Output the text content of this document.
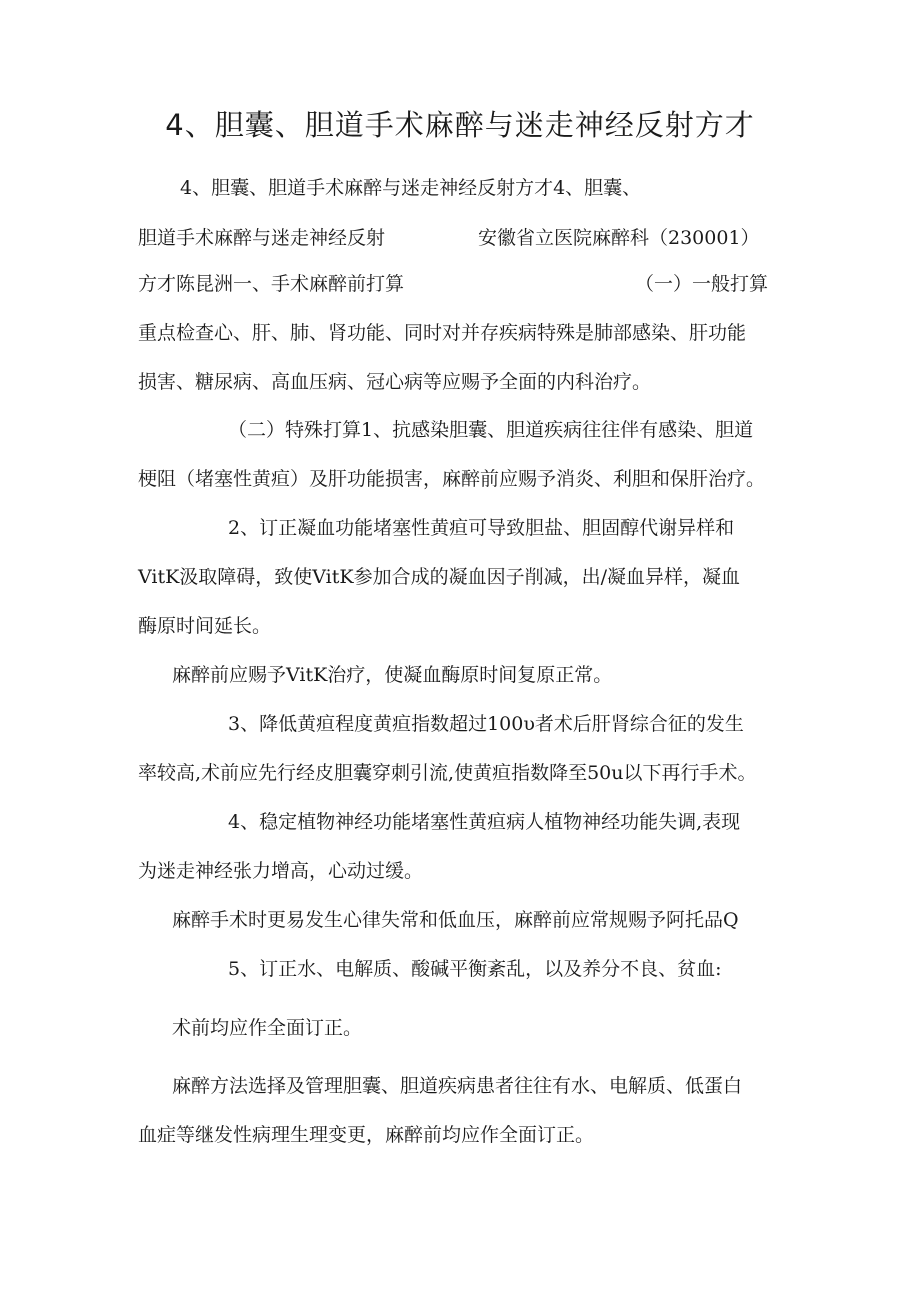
4、胆囊、胆道手术麻醉与迷走神经反射方才

4、胆囊、胆道手术麻醉与迷走神经反射方才4、胆囊、

胆道手术麻醉与迷走神经反射	安徽省立医院麻醉科（230001）

方才陈昆洲一、手术麻醉前打算	（一）一般打算

重点检查心、肝、肺、肾功能、同时对并存疾病特殊是肺部感染、肝功能

损害、糖尿病、高血压病、冠心病等应赐予全面的内科治疗。

（二）特殊打算1、抗感染胆囊、胆道疾病往往伴有感染、胆道

梗阻（堵塞性黄疸）及肝功能损害，麻醉前应赐予消炎、利胆和保肝治疗。

2、订正凝血功能堵塞性黄疸可导致胆盐、胆固醇代谢异样和

VitK汲取障碍，致使VitK参加合成的凝血因子削减，出/凝血异样，凝血

酶原时间延长。

麻醉前应赐予VitK治疗，使凝血酶原时间复原正常。

3、降低黄疸程度黄疸指数超过100υ者术后肝肾综合征的发生

率较高,术前应先行经皮胆囊穿刺引流,使黄疸指数降至50u以下再行手术。

4、稳定植物神经功能堵塞性黄疸病人植物神经功能失调,表现

为迷走神经张力增高，心动过缓。

麻醉手术时更易发生心律失常和低血压，麻醉前应常规赐予阿托品Q

5、订正水、电解质、酸碱平衡紊乱，以及养分不良、贫血:

术前均应作全面订正。

麻醉方法选择及管理胆囊、胆道疾病患者往往有水、电解质、低蛋白

血症等继发性病理生理变更，麻醉前均应作全面订正。
